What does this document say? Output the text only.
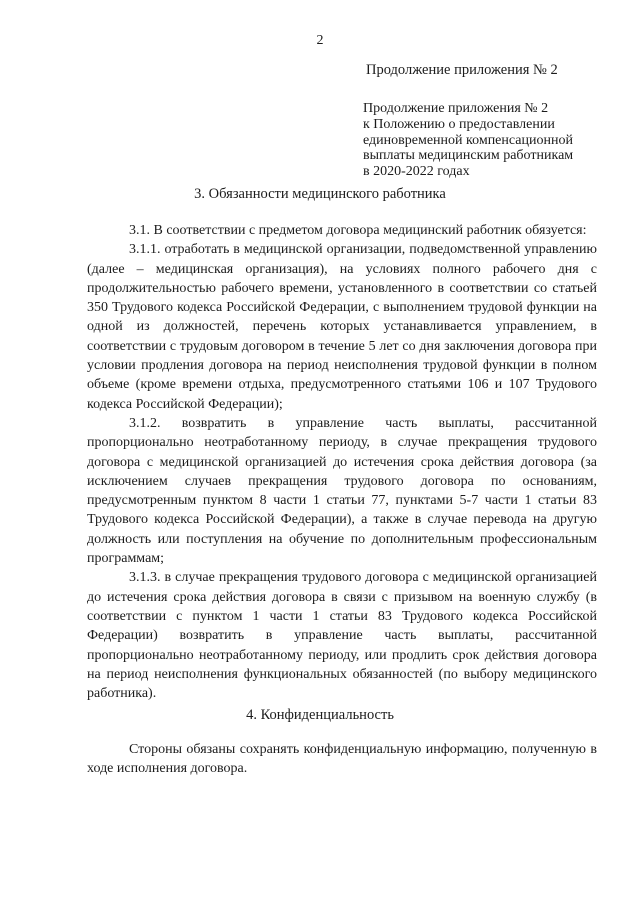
2
Продолжение приложения № 2
Продолжение приложения № 2
к Положению о предоставлении
единовременной компенсационной
выплаты медицинским работникам
в 2020-2022 годах
3. Обязанности медицинского работника

3.1. В соответствии с предметом договора медицинский работник обязуется:

3.1.1. отработать в медицинской организации, подведомственной управлению (далее – медицинская организация), на условиях полного рабочего дня с продолжительностью рабочего времени, установленного в соответствии со статьей 350 Трудового кодекса Российской Федерации, с выполнением трудовой функции на одной из должностей, перечень которых устанавливается управлением, в соответствии с трудовым договором в течение 5 лет со дня заключения договора при условии продления договора на период неисполнения трудовой функции в полном объеме (кроме времени отдыха, предусмотренного статьями 106 и 107 Трудового кодекса Российской Федерации);

3.1.2. возвратить в управление часть выплаты, рассчитанной пропорционально неотработанному периоду, в случае прекращения трудового договора с медицинской организацией до истечения срока действия договора (за исключением случаев прекращения трудового договора по основаниям, предусмотренным пунктом 8 части 1 статьи 77, пунктами 5-7 части 1 статьи 83 Трудового кодекса Российской Федерации), а также в случае перевода на другую должность или поступления на обучение по дополнительным профессиональным программам;

3.1.3. в случае прекращения трудового договора с медицинской организацией до истечения срока действия договора в связи с призывом на военную службу (в соответствии с пунктом 1 части 1 статьи 83 Трудового кодекса Российской Федерации) возвратить в управление часть выплаты, рассчитанной пропорционально неотработанному периоду, или продлить срок действия договора на период неисполнения функциональных обязанностей (по выбору медицинского работника).

4. Конфиденциальность

Стороны обязаны сохранять конфиденциальную информацию, полученную в ходе исполнения договора.
